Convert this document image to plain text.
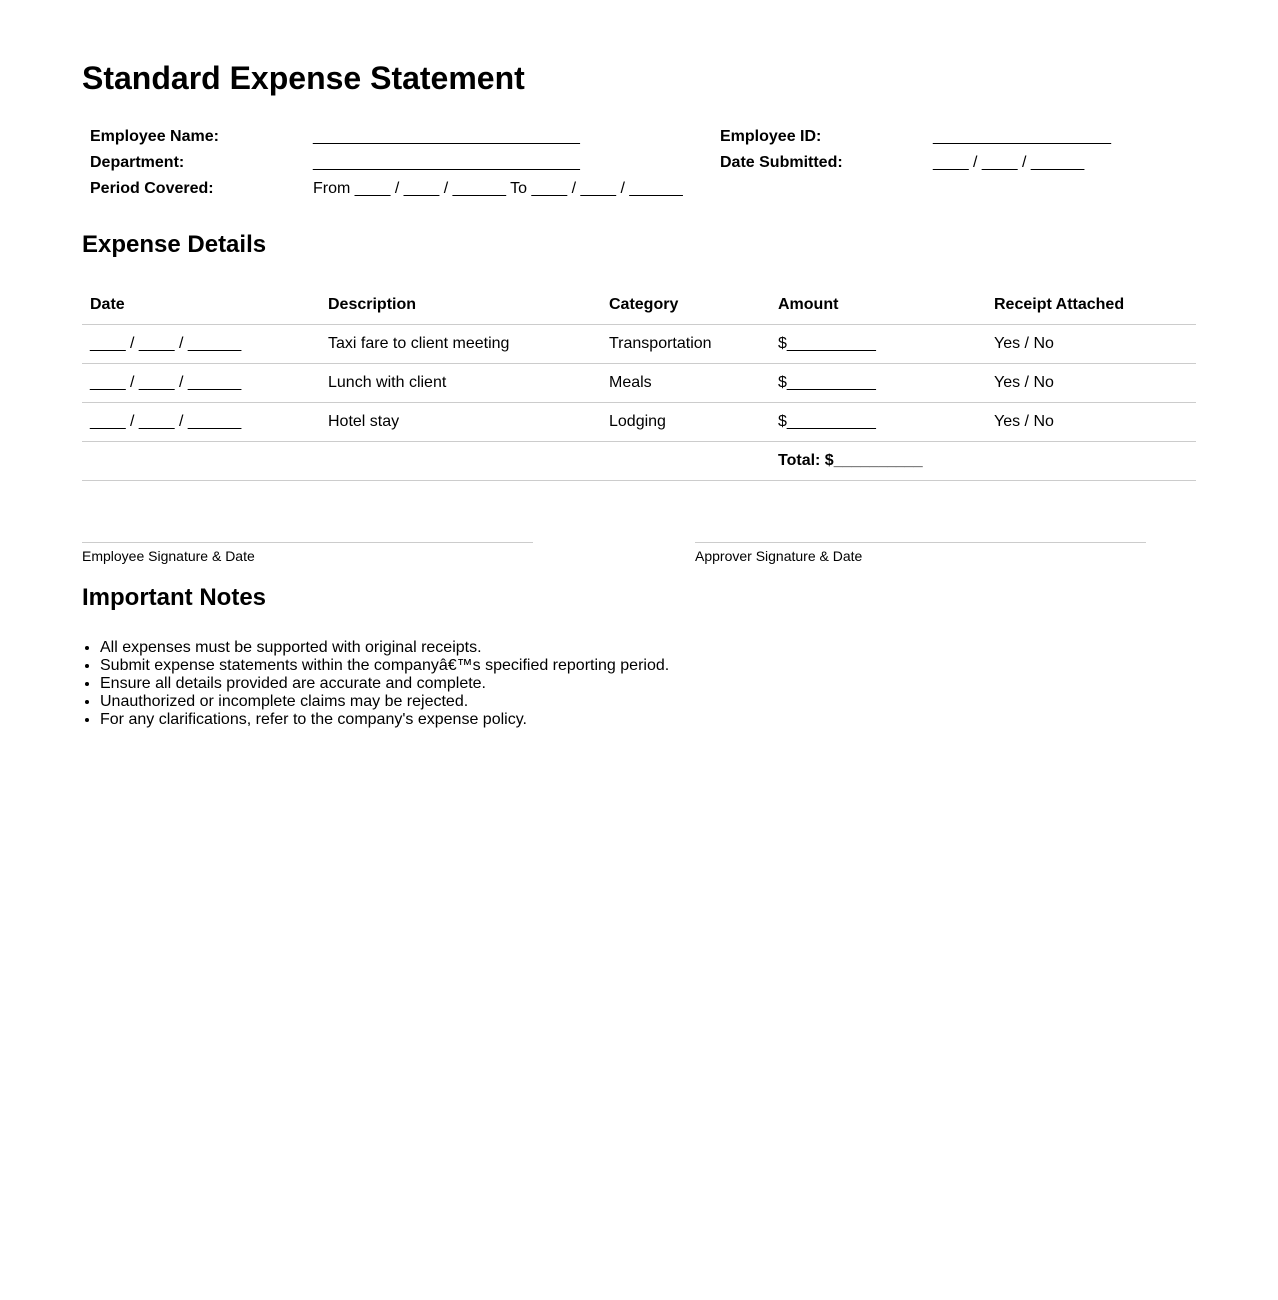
Standard Expense Statement
Employee Name:	______________________________	Employee ID:	____________________
Department:	______________________________	Date Submitted:	____ / ____ / ______
Period Covered:	From ____ / ____ / ______ To ____ / ____ / ______		
Expense Details
Date	Description	Category	Amount	Receipt Attached
____ / ____ / ______	Taxi fare to client meeting	Transportation	$__________	Yes / No
____ / ____ / ______	Lunch with client	Meals	$__________	Yes / No
____ / ____ / ______	Hotel stay	Lodging	$__________	Yes / No
			Total: $__________	
Employee Signature & Date	Approver Signature & Date
Important Notes
• All expenses must be supported with original receipts.
• Submit expense statements within the companyâ€™s specified reporting period.
• Ensure all details provided are accurate and complete.
• Unauthorized or incomplete claims may be rejected.
• For any clarifications, refer to the company's expense policy.
